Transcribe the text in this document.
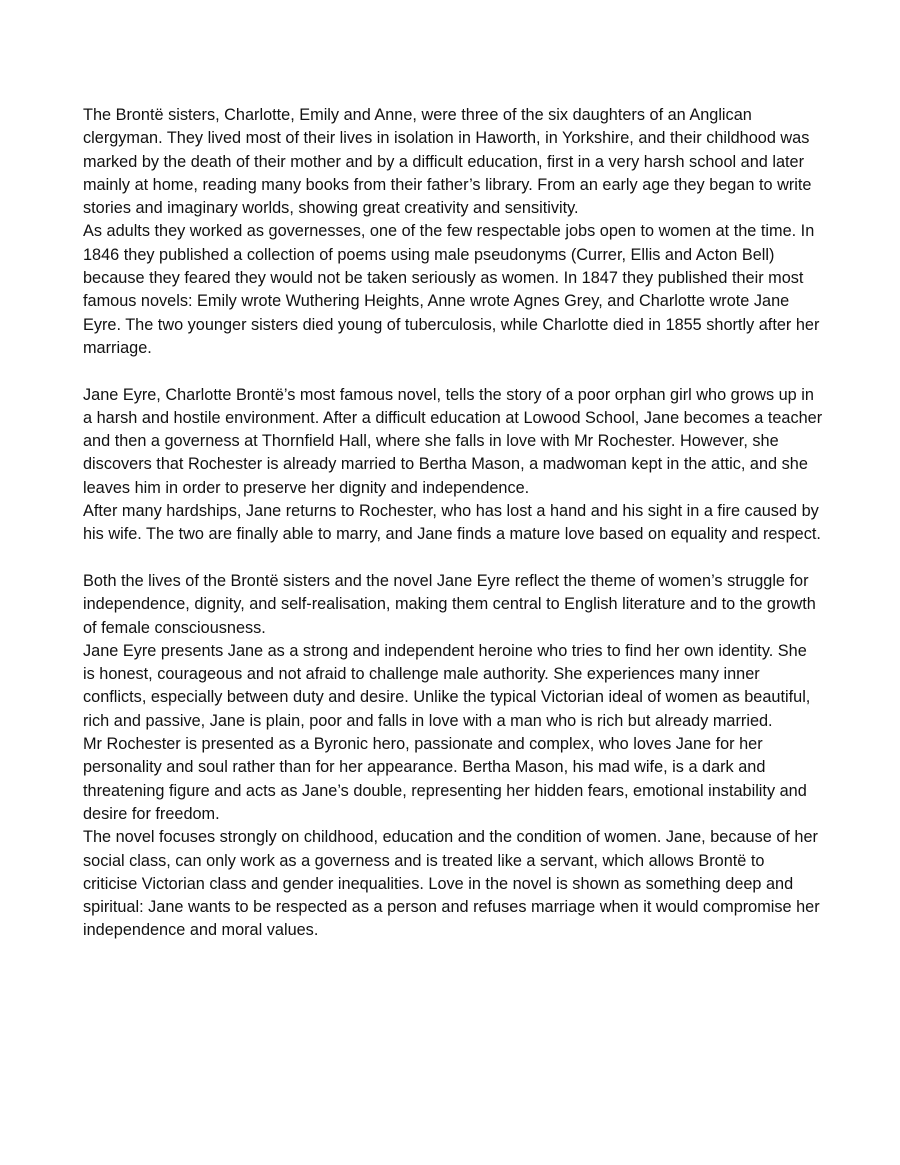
The Brontë sisters, Charlotte, Emily and Anne, were three of the six daughters of an Anglican clergyman. They lived most of their lives in isolation in Haworth, in Yorkshire, and their childhood was marked by the death of their mother and by a difficult education, first in a very harsh school and later mainly at home, reading many books from their father’s library. From an early age they began to write stories and imaginary worlds, showing great creativity and sensitivity.

As adults they worked as governesses, one of the few respectable jobs open to women at the time. In 1846 they published a collection of poems using male pseudonyms (Currer, Ellis and Acton Bell) because they feared they would not be taken seriously as women. In 1847 they published their most famous novels: Emily wrote Wuthering Heights, Anne wrote Agnes Grey, and Charlotte wrote Jane Eyre. The two younger sisters died young of tuberculosis, while Charlotte died in 1855 shortly after her marriage.

Jane Eyre, Charlotte Brontë’s most famous novel, tells the story of a poor orphan girl who grows up in a harsh and hostile environment. After a difficult education at Lowood School, Jane becomes a teacher and then a governess at Thornfield Hall, where she falls in love with Mr Rochester. However, she discovers that Rochester is already married to Bertha Mason, a madwoman kept in the attic, and she leaves him in order to preserve her dignity and independence.

After many hardships, Jane returns to Rochester, who has lost a hand and his sight in a fire caused by his wife. The two are finally able to marry, and Jane finds a mature love based on equality and respect.

Both the lives of the Brontë sisters and the novel Jane Eyre reflect the theme of women’s struggle for independence, dignity, and self-realisation, making them central to English literature and to the growth of female consciousness.

Jane Eyre presents Jane as a strong and independent heroine who tries to find her own identity. She is honest, courageous and not afraid to challenge male authority. She experiences many inner conflicts, especially between duty and desire. Unlike the typical Victorian ideal of women as beautiful, rich and passive, Jane is plain, poor and falls in love with a man who is rich but already married.

Mr Rochester is presented as a Byronic hero, passionate and complex, who loves Jane for her personality and soul rather than for her appearance. Bertha Mason, his mad wife, is a dark and threatening figure and acts as Jane’s double, representing her hidden fears, emotional instability and desire for freedom.

The novel focuses strongly on childhood, education and the condition of women. Jane, because of her social class, can only work as a governess and is treated like a servant, which allows Brontë to criticise Victorian class and gender inequalities. Love in the novel is shown as something deep and spiritual: Jane wants to be respected as a person and refuses marriage when it would compromise her independence and moral values.
